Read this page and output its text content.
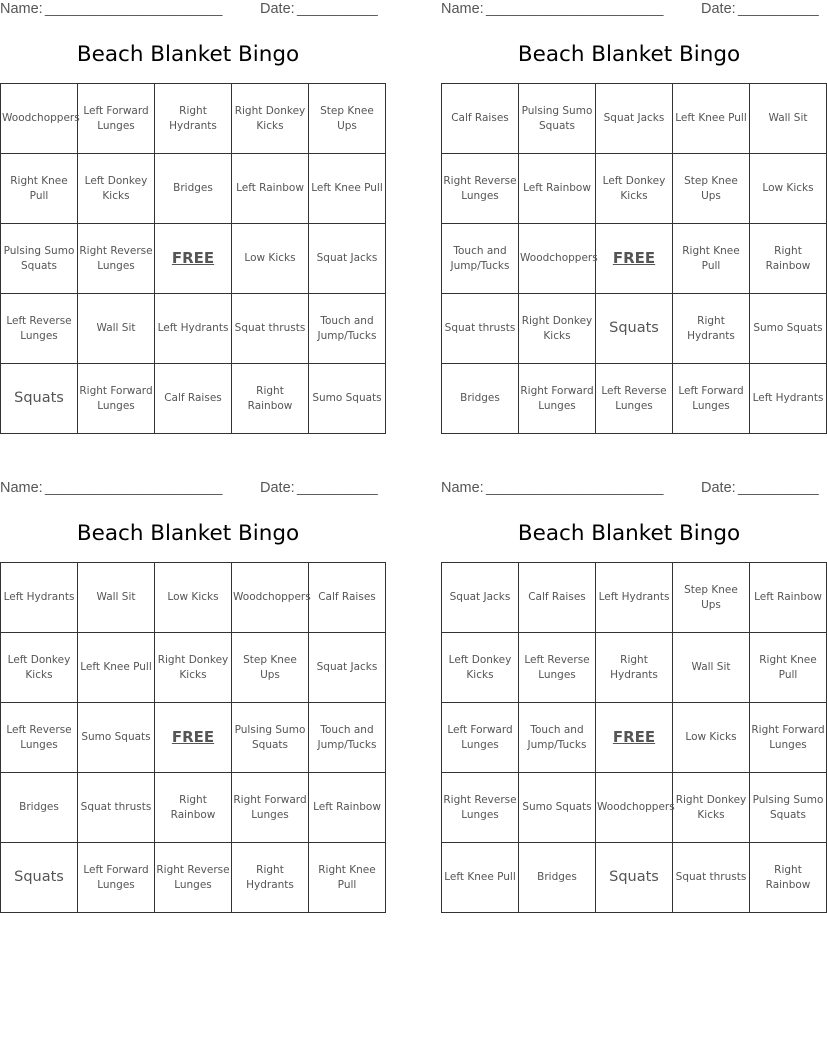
Name: ______________________	Date: __________
Beach Blanket Bingo
Woodchoppers	Left Forward Lunges	Right Hydrants	Right Donkey Kicks	Step Knee Ups
Right Knee Pull	Left Donkey Kicks	Bridges	Left Rainbow	Left Knee Pull
Pulsing Sumo Squats	Right Reverse Lunges	FREE	Low Kicks	Squat Jacks
Left Reverse Lunges	Wall Sit	Left Hydrants	Squat thrusts	Touch and Jump/Tucks
Squats	Right Forward Lunges	Calf Raises	Right Rainbow	Sumo Squats
Name: ______________________	Date: __________
Beach Blanket Bingo
Calf Raises	Pulsing Sumo Squats	Squat Jacks	Left Knee Pull	Wall Sit
Right Reverse Lunges	Left Rainbow	Left Donkey Kicks	Step Knee Ups	Low Kicks
Touch and Jump/Tucks	Woodchoppers	FREE	Right Knee Pull	Right Rainbow
Squat thrusts	Right Donkey Kicks	Squats	Right Hydrants	Sumo Squats
Bridges	Right Forward Lunges	Left Reverse Lunges	Left Forward Lunges	Left Hydrants
Name: ______________________	Date: __________
Beach Blanket Bingo
Left Hydrants	Wall Sit	Low Kicks	Woodchoppers	Calf Raises
Left Donkey Kicks	Left Knee Pull	Right Donkey Kicks	Step Knee Ups	Squat Jacks
Left Reverse Lunges	Sumo Squats	FREE	Pulsing Sumo Squats	Touch and Jump/Tucks
Bridges	Squat thrusts	Right Rainbow	Right Forward Lunges	Left Rainbow
Squats	Left Forward Lunges	Right Reverse Lunges	Right Hydrants	Right Knee Pull
Name: ______________________	Date: __________
Beach Blanket Bingo
Squat Jacks	Calf Raises	Left Hydrants	Step Knee Ups	Left Rainbow
Left Donkey Kicks	Left Reverse Lunges	Right Hydrants	Wall Sit	Right Knee Pull
Left Forward Lunges	Touch and Jump/Tucks	FREE	Low Kicks	Right Forward Lunges
Right Reverse Lunges	Sumo Squats	Woodchoppers	Right Donkey Kicks	Pulsing Sumo Squats
Left Knee Pull	Bridges	Squats	Squat thrusts	Right Rainbow
